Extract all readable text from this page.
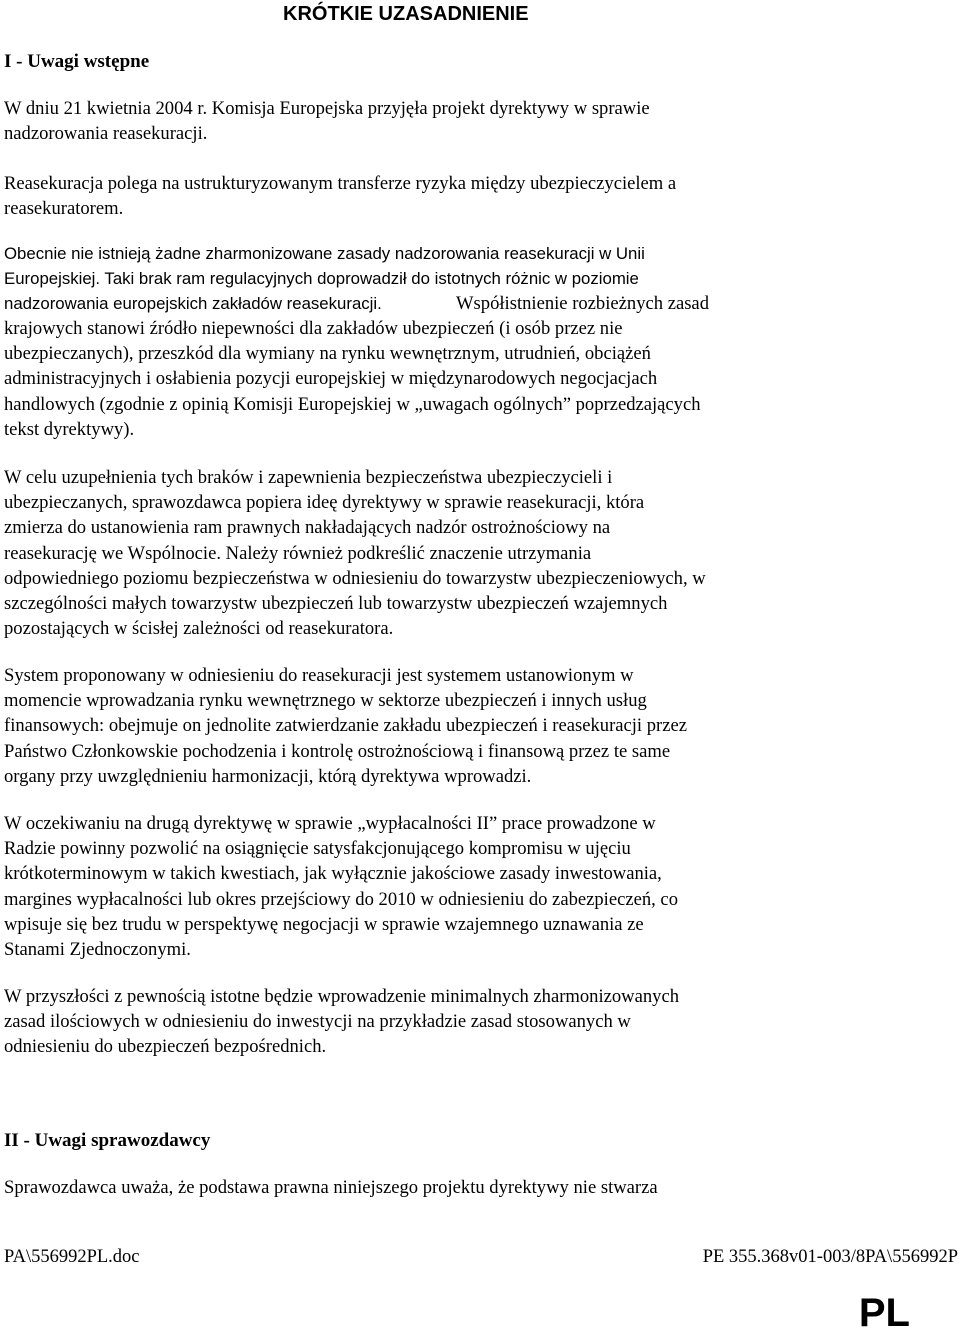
KRÓTKIE UZASADNIENIE
I - Uwagi wstępne

W dniu 21 kwietnia 2004 r. Komisja Europejska przyjęła projekt dyrektywy w sprawie
nadzorowania reasekuracji.

Reasekuracja polega na ustrukturyzowanym transferze ryzyka między ubezpieczycielem a
reasekuratorem.

Obecnie nie istnieją żadne zharmonizowane zasady nadzorowania reasekuracji w Unii
Europejskiej. Taki brak ram regulacyjnych doprowadził do istotnych różnic w poziomie
nadzorowania europejskich zakładów reasekuracji.	Współistnienie rozbieżnych zasad

krajowych stanowi źródło niepewności dla zakładów ubezpieczeń (i osób przez nie
ubezpieczanych), przeszkód dla wymiany na rynku wewnętrznym, utrudnień, obciążeń
administracyjnych i osłabienia pozycji europejskiej w międzynarodowych negocjacjach
handlowych (zgodnie z opinią Komisji Europejskiej w „uwagach ogólnych” poprzedzających
tekst dyrektywy).

W celu uzupełnienia tych braków i zapewnienia bezpieczeństwa ubezpieczycieli i
ubezpieczanych, sprawozdawca popiera ideę dyrektywy w sprawie reasekuracji, która
zmierza do ustanowienia ram prawnych nakładających nadzór ostrożnościowy na
reasekurację we Wspólnocie. Należy również podkreślić znaczenie utrzymania
odpowiedniego poziomu bezpieczeństwa w odniesieniu do towarzystw ubezpieczeniowych, w
szczególności małych towarzystw ubezpieczeń lub towarzystw ubezpieczeń wzajemnych
pozostających w ścisłej zależności od reasekuratora.

System proponowany w odniesieniu do reasekuracji jest systemem ustanowionym w
momencie wprowadzania rynku wewnętrznego w sektorze ubezpieczeń i innych usług
finansowych: obejmuje on jednolite zatwierdzanie zakładu ubezpieczeń i reasekuracji przez
Państwo Członkowskie pochodzenia i kontrolę ostrożnościową i finansową przez te same
organy przy uwzględnieniu harmonizacji, którą dyrektywa wprowadzi.

W oczekiwaniu na drugą dyrektywę w sprawie „wypłacalności II” prace prowadzone w
Radzie powinny pozwolić na osiągnięcie satysfakcjonującego kompromisu w ujęciu
krótkoterminowym w takich kwestiach, jak wyłącznie jakościowe zasady inwestowania,
margines wypłacalności lub okres przejściowy do 2010 w odniesieniu do zabezpieczeń, co
wpisuje się bez trudu w perspektywę negocjacji w sprawie wzajemnego uznawania ze
Stanami Zjednoczonymi.

W przyszłości z pewnością istotne będzie wprowadzenie minimalnych zharmonizowanych
zasad ilościowych w odniesieniu do inwestycji na przykładzie zasad stosowanych w
odniesieniu do ubezpieczeń bezpośrednich.

II - Uwagi sprawozdawcy

Sprawozdawca uważa, że podstawa prawna niniejszego projektu dyrektywy nie stwarza

PA\556992PL.doc	PE 355.368v01-003/8PA\556992P
PL
